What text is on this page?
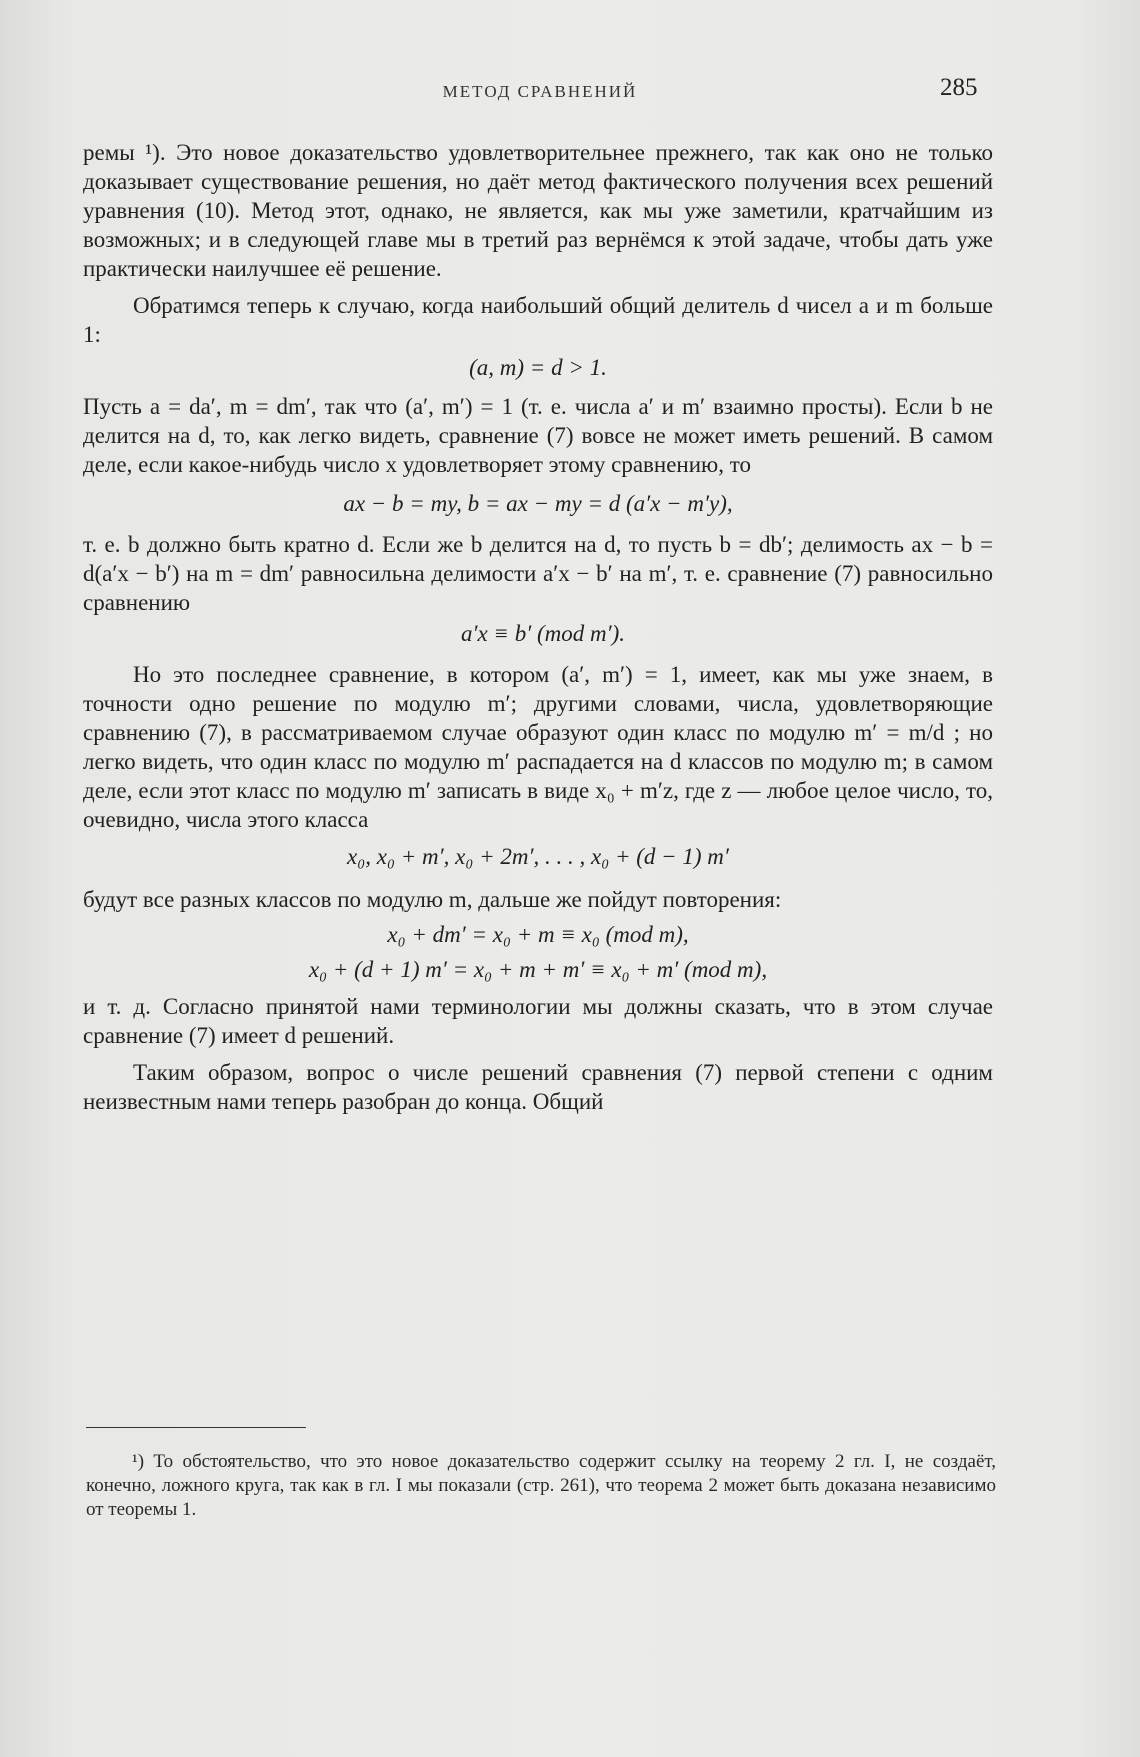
МЕТОД СРАВНЕНИЙ	285

ремы ¹). Это новое доказательство удовлетворительнее прежнего, так как оно не только доказывает существование решения, но даёт метод фактического получения всех решений уравнения (10). Метод этот, однако, не является, как мы уже заметили, кратчайшим из возможных; и в следующей главе мы в третий раз вернёмся к этой задаче, чтобы дать уже практически наилучшее её решение.

Обратимся теперь к случаю, когда наибольший общий делитель d чисел a и m больше 1:

(a, m) = d > 1.

Пусть a = da′, m = dm′, так что (a′, m′) = 1 (т. е. числа a′ и m′ взаимно просты). Если b не делится на d, то, как легко видеть, сравнение (7) вовсе не может иметь решений. В самом деле, если какое-нибудь число x удовлетворяет этому сравнению, то

ax − b = my, b = ax − my = d (a′x − m′y),

т. е. b должно быть кратно d. Если же b делится на d, то пусть b = db′; делимость ax − b = d(a′x − b′) на m = dm′ равносильна делимости a′x − b′ на m′, т. е. сравнение (7) равносильно сравнению

a′x ≡ b′ (mod m′).

Но это последнее сравнение, в котором (a′, m′) = 1, имеет, как мы уже знаем, в точности одно решение по модулю m′; другими словами, числа, удовлетворяющие сравнению (7), в рассматриваемом случае образуют один класс по модулю m′ = m/d ; но легко видеть, что один класс по модулю m′ распадается на d классов по модулю m; в самом деле, если этот класс по модулю m′ записать в виде x₀ + m′z, где z — любое целое число, то, очевидно, числа этого класса

x₀, x₀ + m′, x₀ + 2m′, . . . , x₀ + (d − 1) m′

будут все разных классов по модулю m, дальше же пойдут повторения:

x₀ + dm′ = x₀ + m ≡ x₀ (mod m),
x₀ + (d + 1) m′ = x₀ + m + m′ ≡ x₀ + m′ (mod m),

и т. д. Согласно принятой нами терминологии мы должны сказать, что в этом случае сравнение (7) имеет d решений.

Таким образом, вопрос о числе решений сравнения (7) первой степени с одним неизвестным нами теперь разобран до конца. Общий

¹) То обстоятельство, что это новое доказательство содержит ссылку на теорему 2 гл. I, не создаёт, конечно, ложного круга, так как в гл. I мы показали (стр. 261), что теорема 2 может быть доказана независимо от теоремы 1.
